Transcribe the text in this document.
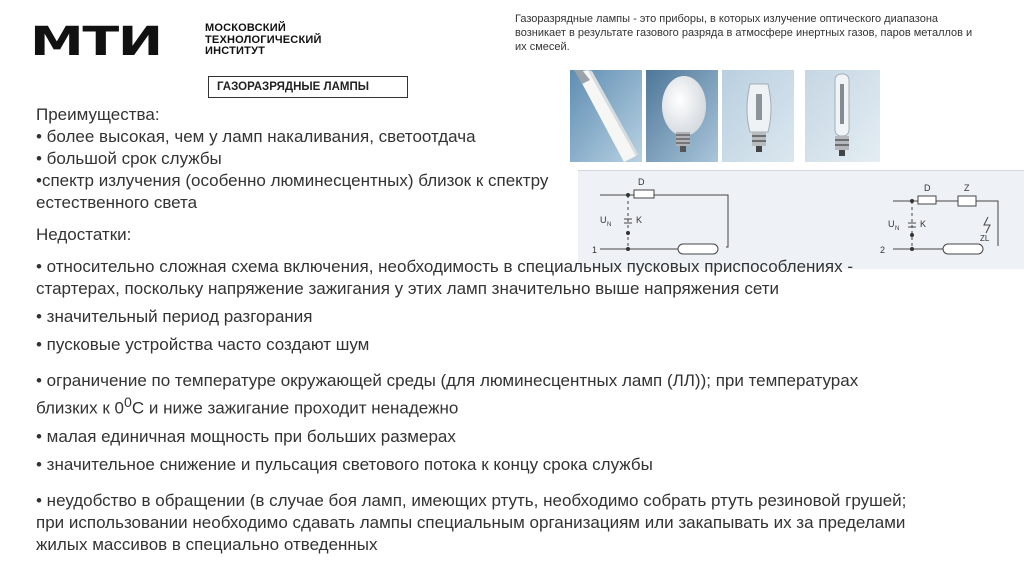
МТИ	МОСКОВСКИЙ
ТЕХНОЛОГИЧЕСКИЙ
ИНСТИТУТ
Газоразрядные лампы - это приборы, в которых излучение оптического диапазона возникает в результате газового разряда в атмосфере инертных газов, паров металлов и их смесей.
ГАЗОРАЗРЯДНЫЕ ЛАМПЫ
D
U N	K
1
D	Z
U N K
ZL
2

Преимущества:

• более высокая, чем у ламп накаливания, светоотдача

• большой срок службы

•спектр излучения (особенно люминесцентных) близок к спектру

естественного света

Недостатки:

• относительно сложная схема включения, необходимость в специальных пусковых приспособлениях -      стартерах, поскольку напряжение зажигания у этих ламп значительно выше напряжения сети

• значительный период разгорания

• пусковые устройства часто создают шум

• ограничение по температуре окружающей среды (для люминесцентных ламп (ЛЛ)); при температурах близких к $0^0С$ и ниже зажигание проходит ненадежно

• малая единичная мощность при больших размерах

• значительное снижение и пульсация светового потока к концу срока службы

• неудобство в обращении (в случае боя ламп, имеющих ртуть, необходимо собрать ртуть резиновой грушей; при использовании необходимо сдавать лампы специальным организациям или закапывать их за пределами жилых массивов в специально отведенных
